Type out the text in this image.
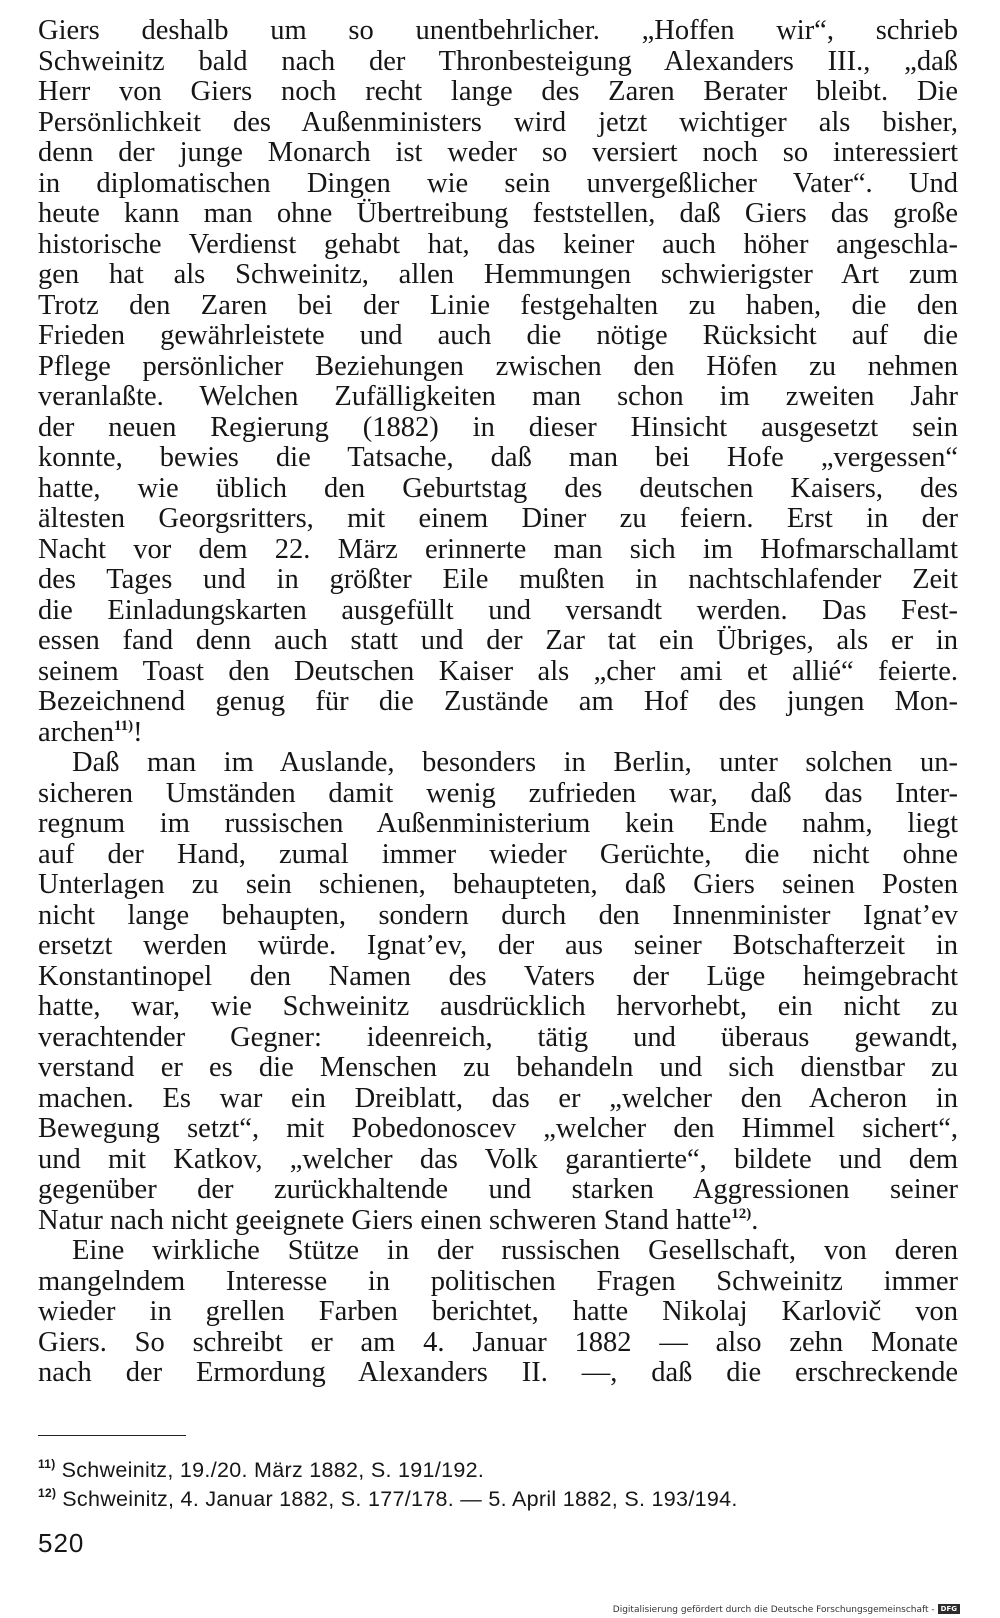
Giers deshalb um so unentbehrlicher. „Hoffen wir“, schrieb
Schweinitz bald nach der Thronbesteigung Alexanders III., „daß
Herr von Giers noch recht lange des Zaren Berater bleibt. Die
Persönlichkeit des Außenministers wird jetzt wichtiger als bisher,
denn der junge Monarch ist weder so versiert noch so interessiert
in diplomatischen Dingen wie sein unvergeßlicher Vater“. Und
heute kann man ohne Übertreibung feststellen, daß Giers das große
historische Verdienst gehabt hat, das keiner auch höher angeschla-
gen hat als Schweinitz, allen Hemmungen schwierigster Art zum
Trotz den Zaren bei der Linie festgehalten zu haben, die den
Frieden gewährleistete und auch die nötige Rücksicht auf die
Pflege persönlicher Beziehungen zwischen den Höfen zu nehmen
veranlaßte. Welchen Zufälligkeiten man schon im zweiten Jahr
der neuen Regierung (1882) in dieser Hinsicht ausgesetzt sein
konnte, bewies die Tatsache, daß man bei Hofe „vergessen“
hatte, wie üblich den Geburtstag des deutschen Kaisers, des
ältesten Georgsritters, mit einem Diner zu feiern. Erst in der
Nacht vor dem 22. März erinnerte man sich im Hofmarschallamt
des Tages und in größter Eile mußten in nachtschlafender Zeit
die Einladungskarten ausgefüllt und versandt werden. Das Fest-
essen fand denn auch statt und der Zar tat ein Übriges, als er in
seinem Toast den Deutschen Kaiser als „cher ami et allié“ feierte.
Bezeichnend genug für die Zustände am Hof des jungen Mon-
archen$^{11)}$!
Daß man im Auslande, besonders in Berlin, unter solchen un-
sicheren Umständen damit wenig zufrieden war, daß das Inter-
regnum im russischen Außenministerium kein Ende nahm, liegt
auf der Hand, zumal immer wieder Gerüchte, die nicht ohne
Unterlagen zu sein schienen, behaupteten, daß Giers seinen Posten
nicht lange behaupten, sondern durch den Innenminister Ignat’ev
ersetzt werden würde. Ignat’ev, der aus seiner Botschafterzeit in
Konstantinopel den Namen des Vaters der Lüge heimgebracht
hatte, war, wie Schweinitz ausdrücklich hervorhebt, ein nicht zu
verachtender Gegner: ideenreich, tätig und überaus gewandt,
verstand er es die Menschen zu behandeln und sich dienstbar zu
machen. Es war ein Dreiblatt, das er „welcher den Acheron in
Bewegung setzt“, mit Pobedonoscev „welcher den Himmel sichert“,
und mit Katkov, „welcher das Volk garantierte“, bildete und dem
gegenüber der zurückhaltende und starken Aggressionen seiner
Natur nach nicht geeignete Giers einen schweren Stand hatte$^{12)}$.
Eine wirkliche Stütze in der russischen Gesellschaft, von deren
mangelndem Interesse in politischen Fragen Schweinitz immer
wieder in grellen Farben berichtet, hatte Nikolaj Karlovič von
Giers. So schreibt er am 4. Januar 1882 — also zehn Monate
nach der Ermordung Alexanders II. —, daß die erschreckende
$^{11)}$ Schweinitz, 19./20. März 1882, S. 191/192.
$^{12)}$ Schweinitz, 4. Januar 1882, S. 177/178. — 5. April 1882, S. 193/194.
520
Digitalisierung gefördert durch die Deutsche Forschungsgemeinschaft - DFG
